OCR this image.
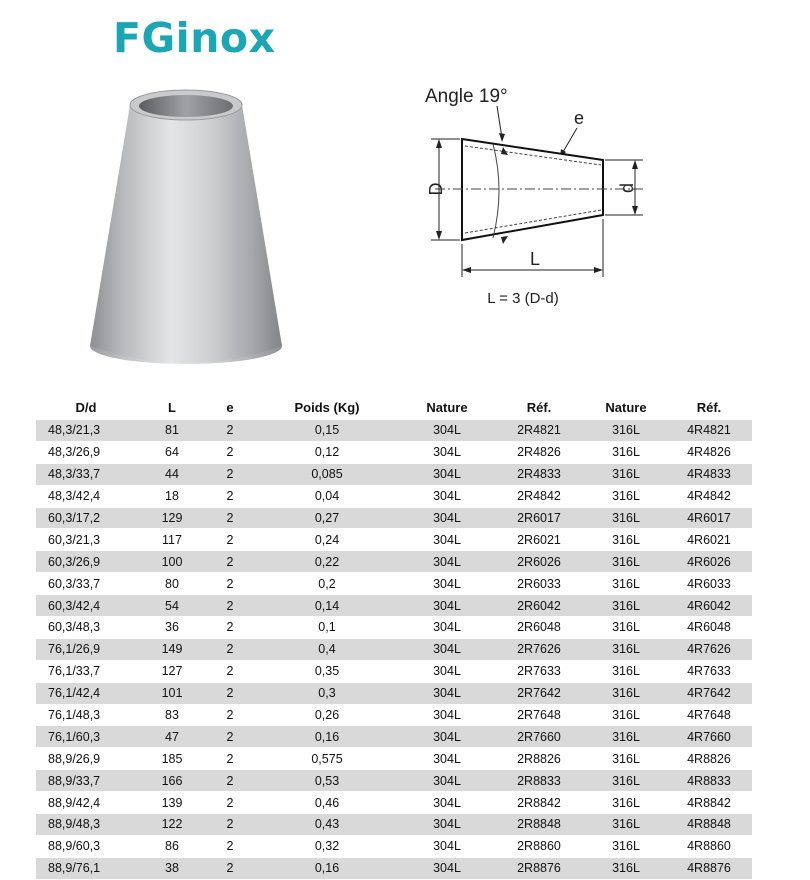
FGinox
Angle 19°
e
D	d
L
L = 3 (D-d)
D/d	L	e	Poids (Kg)	Nature	Réf.	Nature	Réf.
48,3/21,3	81	2	0,15	304L	2R4821	316L	4R4821
48,3/26,9	64	2	0,12	304L	2R4826	316L	4R4826
48,3/33,7	44	2	0,085	304L	2R4833	316L	4R4833
48,3/42,4	18	2	0,04	304L	2R4842	316L	4R4842
60,3/17,2	129	2	0,27	304L	2R6017	316L	4R6017
60,3/21,3	117	2	0,24	304L	2R6021	316L	4R6021
60,3/26,9	100	2	0,22	304L	2R6026	316L	4R6026
60,3/33,7	80	2	0,2	304L	2R6033	316L	4R6033
60,3/42,4	54	2	0,14	304L	2R6042	316L	4R6042
60,3/48,3	36	2	0,1	304L	2R6048	316L	4R6048
76,1/26,9	149	2	0,4	304L	2R7626	316L	4R7626
76,1/33,7	127	2	0,35	304L	2R7633	316L	4R7633
76,1/42,4	101	2	0,3	304L	2R7642	316L	4R7642
76,1/48,3	83	2	0,26	304L	2R7648	316L	4R7648
76,1/60,3	47	2	0,16	304L	2R7660	316L	4R7660
88,9/26,9	185	2	0,575	304L	2R8826	316L	4R8826
88,9/33,7	166	2	0,53	304L	2R8833	316L	4R8833
88,9/42,4	139	2	0,46	304L	2R8842	316L	4R8842
88,9/48,3	122	2	0,43	304L	2R8848	316L	4R8848
88,9/60,3	86	2	0,32	304L	2R8860	316L	4R8860
88,9/76,1	38	2	0,16	304L	2R8876	316L	4R8876
